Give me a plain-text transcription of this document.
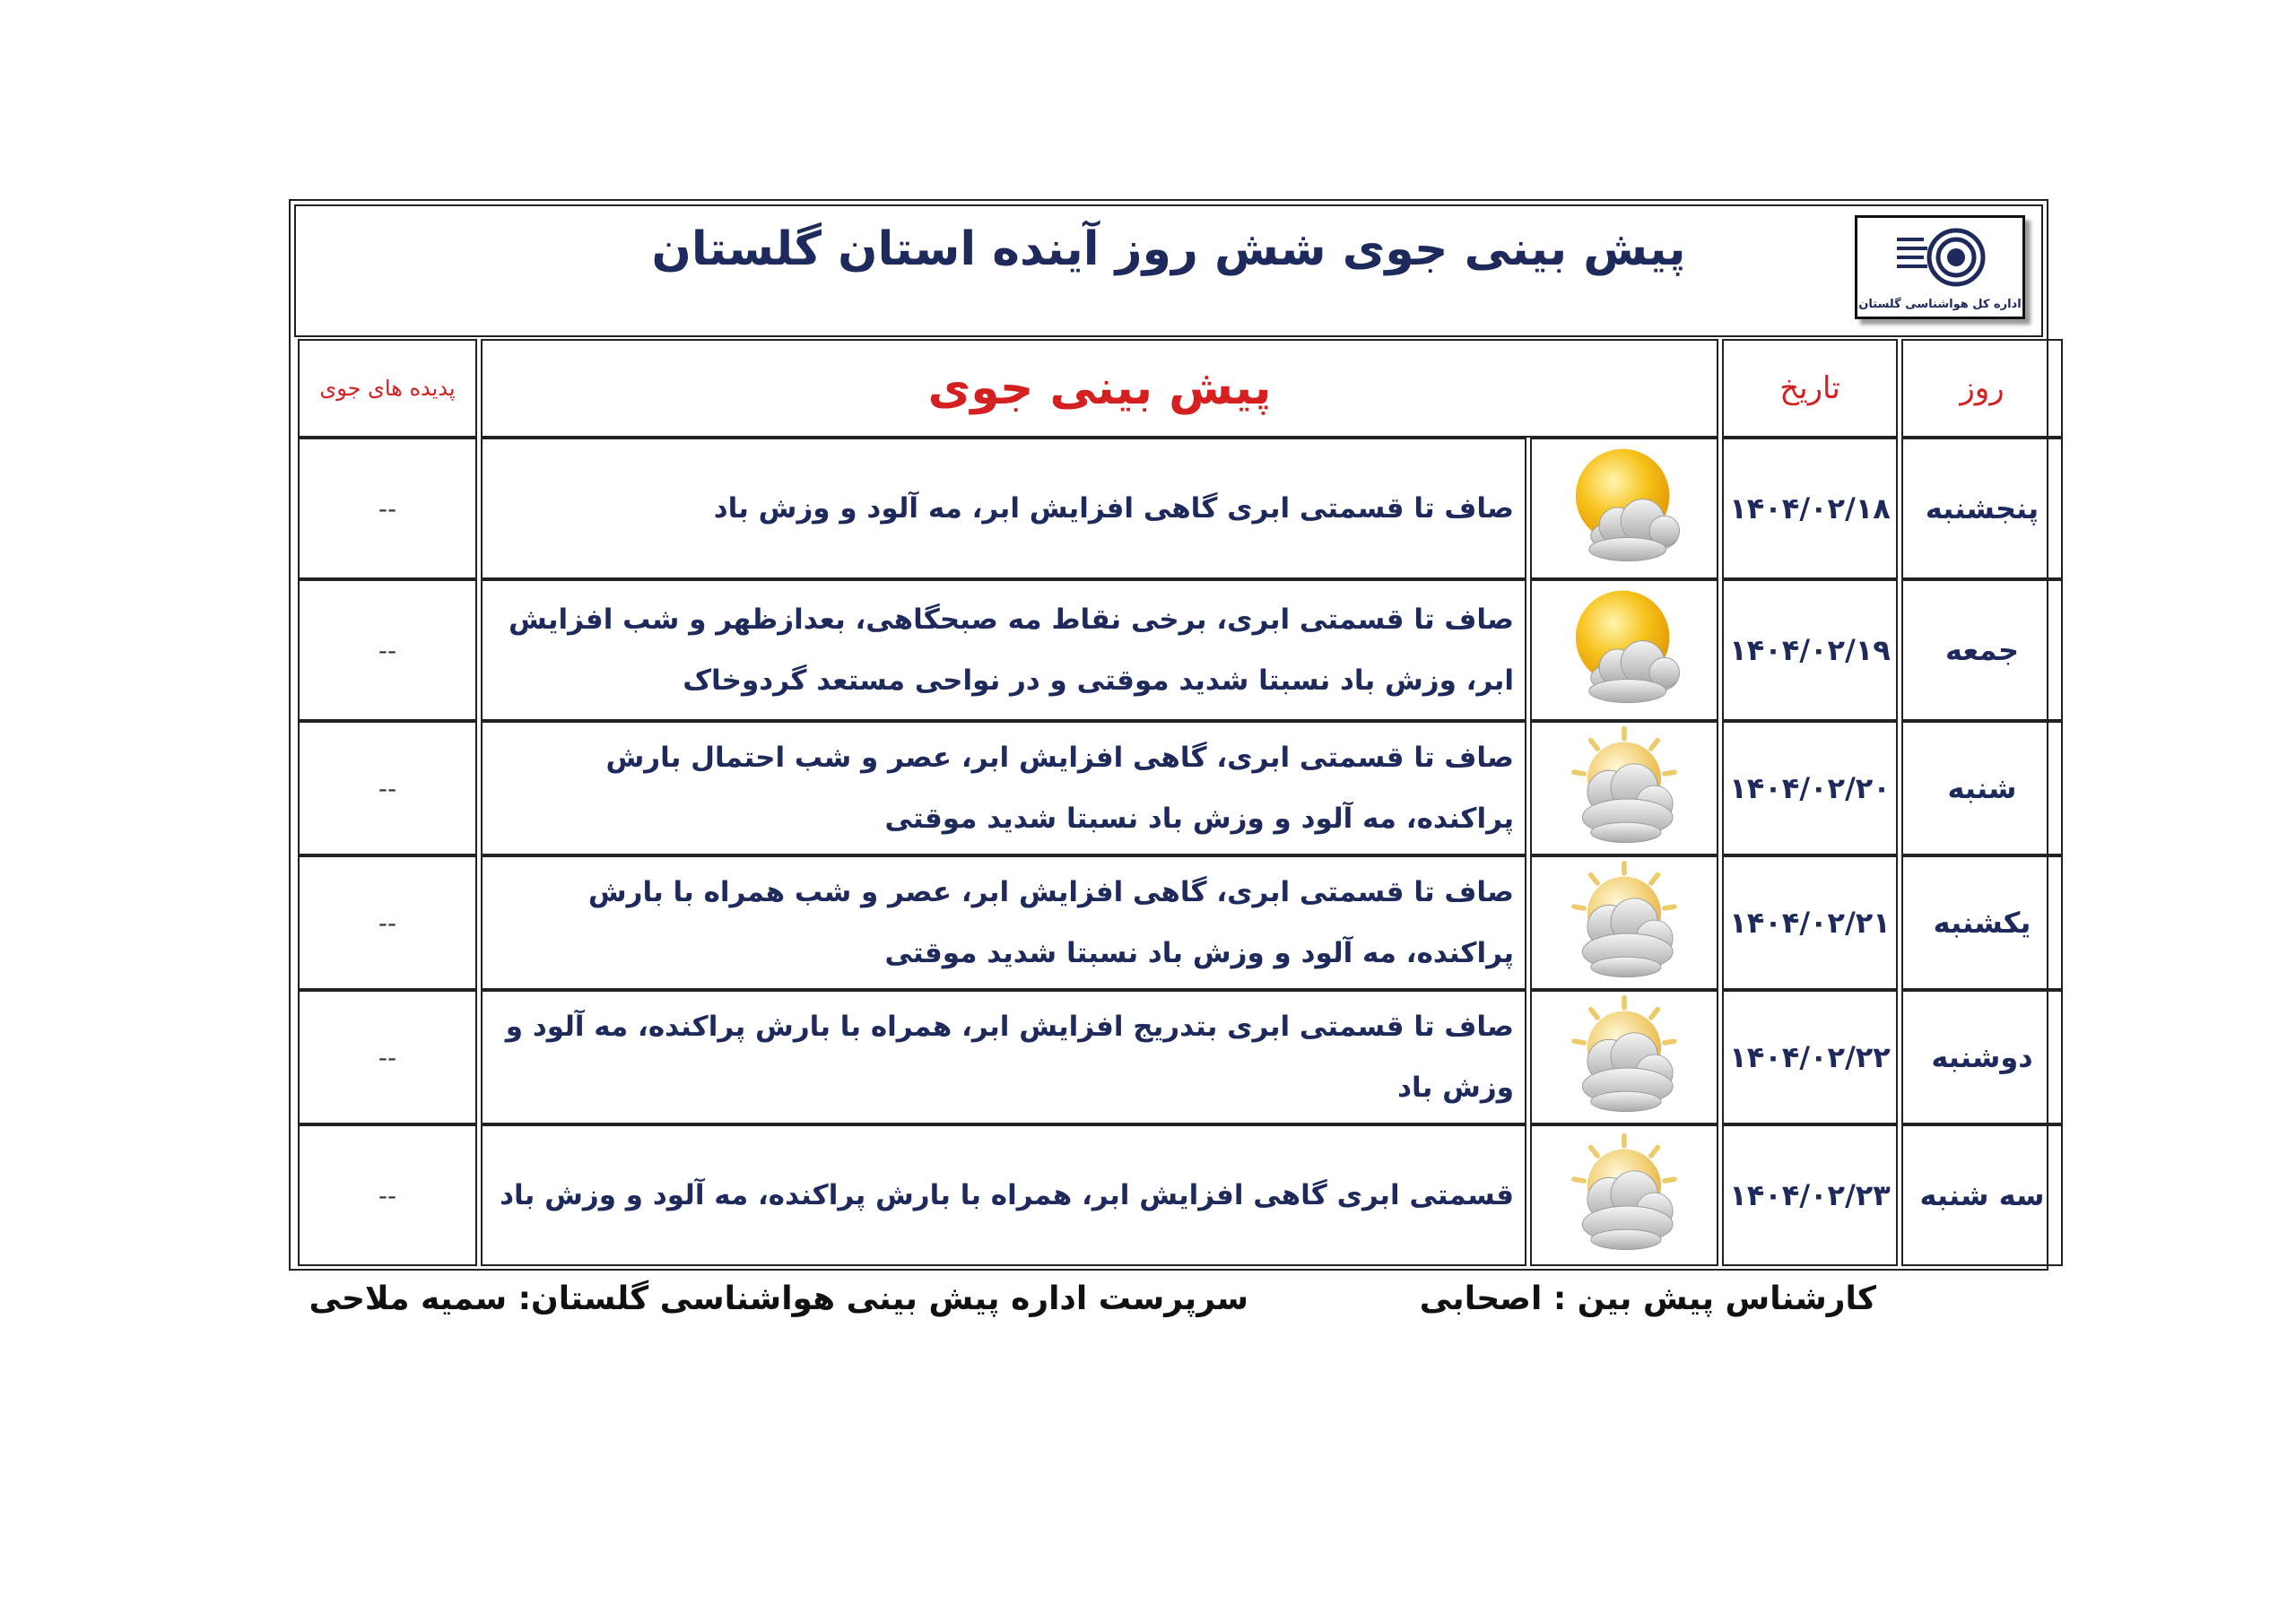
پیش بینی جوی شش روز آینده استان گلستان
اداره کل هواشناسی گلستان
روز	تاریخ	پیش بینی جوی		پدیده های جوی
پنجشنبه	۱۴۰۴/۰۲/۱۸		صاف تا قسمتی ابری گاهی افزایش ابر، مه آلود و وزش باد	--
جمعه	۱۴۰۴/۰۲/۱۹		صاف تا قسمتی ابری، برخی نقاط مه صبحگاهی، بعدازظهر و شب افزایش ابر، وزش باد نسبتا شدید موقتی و در نواحی مستعد گردوخاک	--
شنبه	۱۴۰۴/۰۲/۲۰		صاف تا قسمتی ابری، گاهی افزایش ابر، عصر و شب احتمال بارش پراکنده، مه آلود و وزش باد نسبتا شدید موقتی	--
یکشنبه	۱۴۰۴/۰۲/۲۱		صاف تا قسمتی ابری، گاهی افزایش ابر، عصر و شب همراه با بارش پراکنده، مه آلود و وزش باد نسبتا شدید موقتی	--
دوشنبه	۱۴۰۴/۰۲/۲۲		صاف تا قسمتی ابری بتدریج افزایش ابر، همراه با بارش پراکنده، مه آلود و وزش باد	--
سه شنبه	۱۴۰۴/۰۲/۲۳		قسمتی ابری گاهی افزایش ابر، همراه با بارش پراکنده، مه آلود و وزش باد	--
کارشناس پیش بین : اصحابی
سرپرست اداره پیش بینی هواشناسی گلستان: سمیه ملاحی
